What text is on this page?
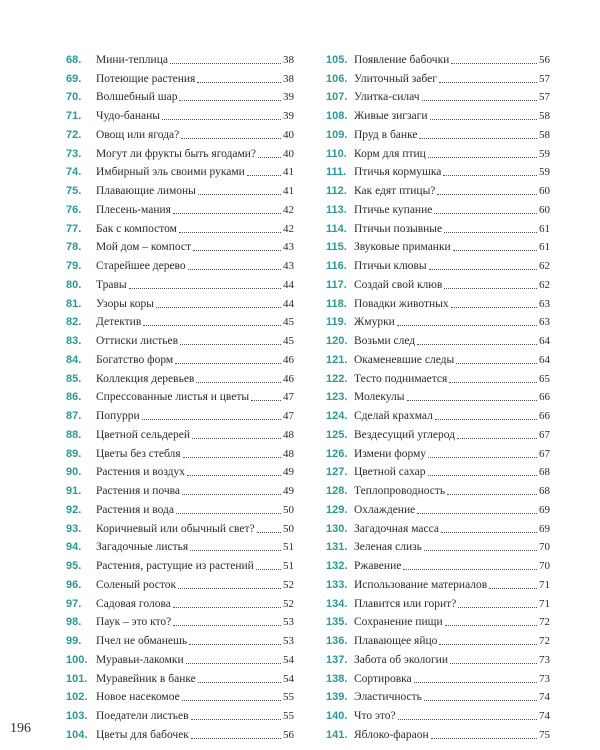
68.	Мини-теплица	38
69.	Потеющие растения	38
70.	Волшебный шар	39
71.	Чудо-бананы	39
72.	Овощ или ягода?	40
73.	Могут ли фрукты быть ягодами? 40
74.	Имбирный эль своими руками	41
75.	Плавающие лимоны	41
76.	Плесень-мания	42
77.	Бак с компостом	42
78.	Мой дом – компост	43
79.	Старейшее дерево	43
80.	Травы	44
81.	Узоры коры	44
82.	Детектив	45
83.	Оттиски листьев	45
84.	Богатство форм	46
85.	Коллекция деревьев	46
86.	Спрессованные листья и цветы	47
87.	Попурри	47
88.	Цветной сельдерей	48
89.	Цветы без стебля	48
90.	Растения и воздух	49
91.	Растения и почва	49
92.	Растения и вода	50
93.	Коричневый или обычный свет?	50
94.	Загадочные листья	51
95.	Растения, растущие из растений	51
96.	Соленый росток	52
97.	Садовая голова	52
98.	Паук – это кто?	53
99.	Пчел не обманешь	53
100. Муравьи-лакомки	54
101. Муравейник в банке	54
102. Новое насекомое	55
103. Поедатели листьев	55
104. Цветы для бабочек	56
105. Появление бабочки	56
106. Улиточный забег	57
107. Улитка-силач	57
108. Живые зигзаги	58
109. Пруд в банке	58
110. Корм для птиц	59
111. Птичья кормушка	59
112. Как едят птицы?	60
113. Птичье купание	60
114. Птичьи позывные	61
115. Звуковые приманки	61
116. Птичьи клювы	62
117. Создай свой клюв	62
118. Повадки животных	63
119. Жмурки	63
120. Возьми след	64
121. Окаменевшие следы	64
122. Тесто поднимается	65
123. Молекулы	66
124. Сделай крахмал	66
125. Вездесущий углерод	67
126. Измени форму	67
127. Цветной сахар	68
128. Теплопроводность	68
129. Охлаждение	69
130. Загадочная масса	69
131. Зеленая слизь	70
132. Ржавение	70
133. Использование материалов	71
134. Плавится или горит?	71
135. Сохранение пищи	72
136. Плавающее яйцо	72
137. Забота об экологии	73
138. Сортировка	73
139. Эластичность	74
140. Что это?	74
141. Яблоко-фараон	75
196
